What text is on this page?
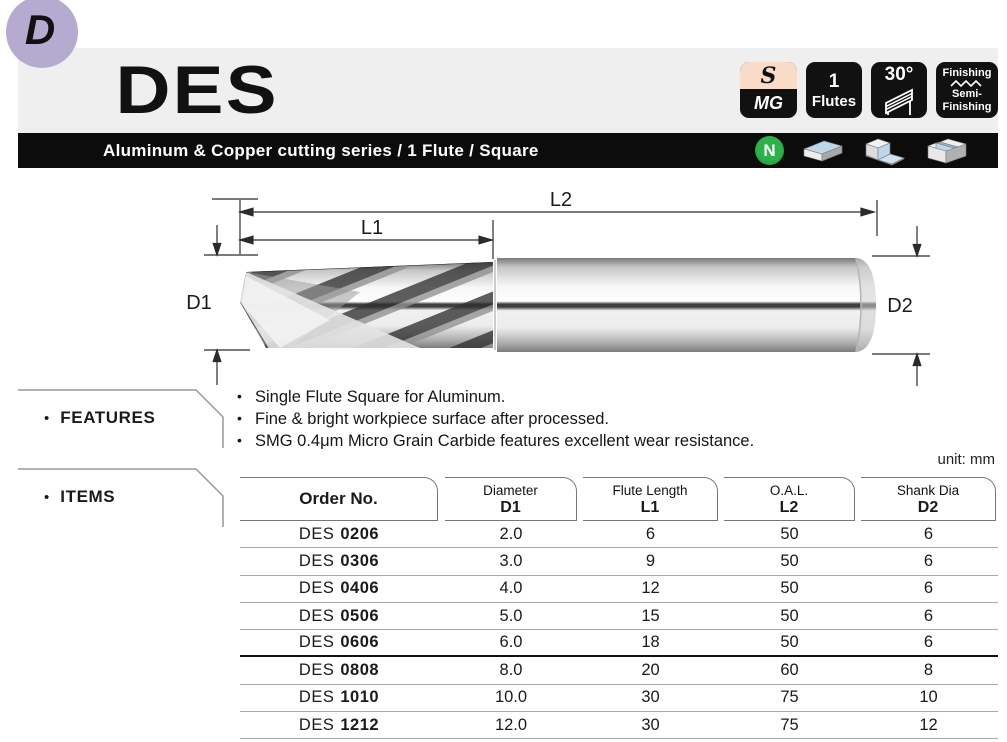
D
DES	S
MG
1
Flutes
30°	Finishing
Semi-
Finishing
Aluminum & Copper cutting series / 1 Flute / Square	N
L2
L1
D1	D2
• FEATURES
• Single Flute Square for Aluminum.
• Fine & bright workpiece surface after processed.
• SMG 0.4μm Micro Grain Carbide features excellent wear resistance.
unit: mm
• ITEMS	Order No.	Diameter
D1
Flute Length
L1
O.A.L.
L2
Shank Dia
D2
DES 0206	2.0	6	50	6
DES 0306	3.0	9	50	6
DES 0406	4.0	12	50	6
DES 0506	5.0	15	50	6
DES 0606	6.0	18	50	6
DES 0808	8.0	20	60	8
DES 1010	10.0	30	75	10
DES 1212	12.0	30	75	12
